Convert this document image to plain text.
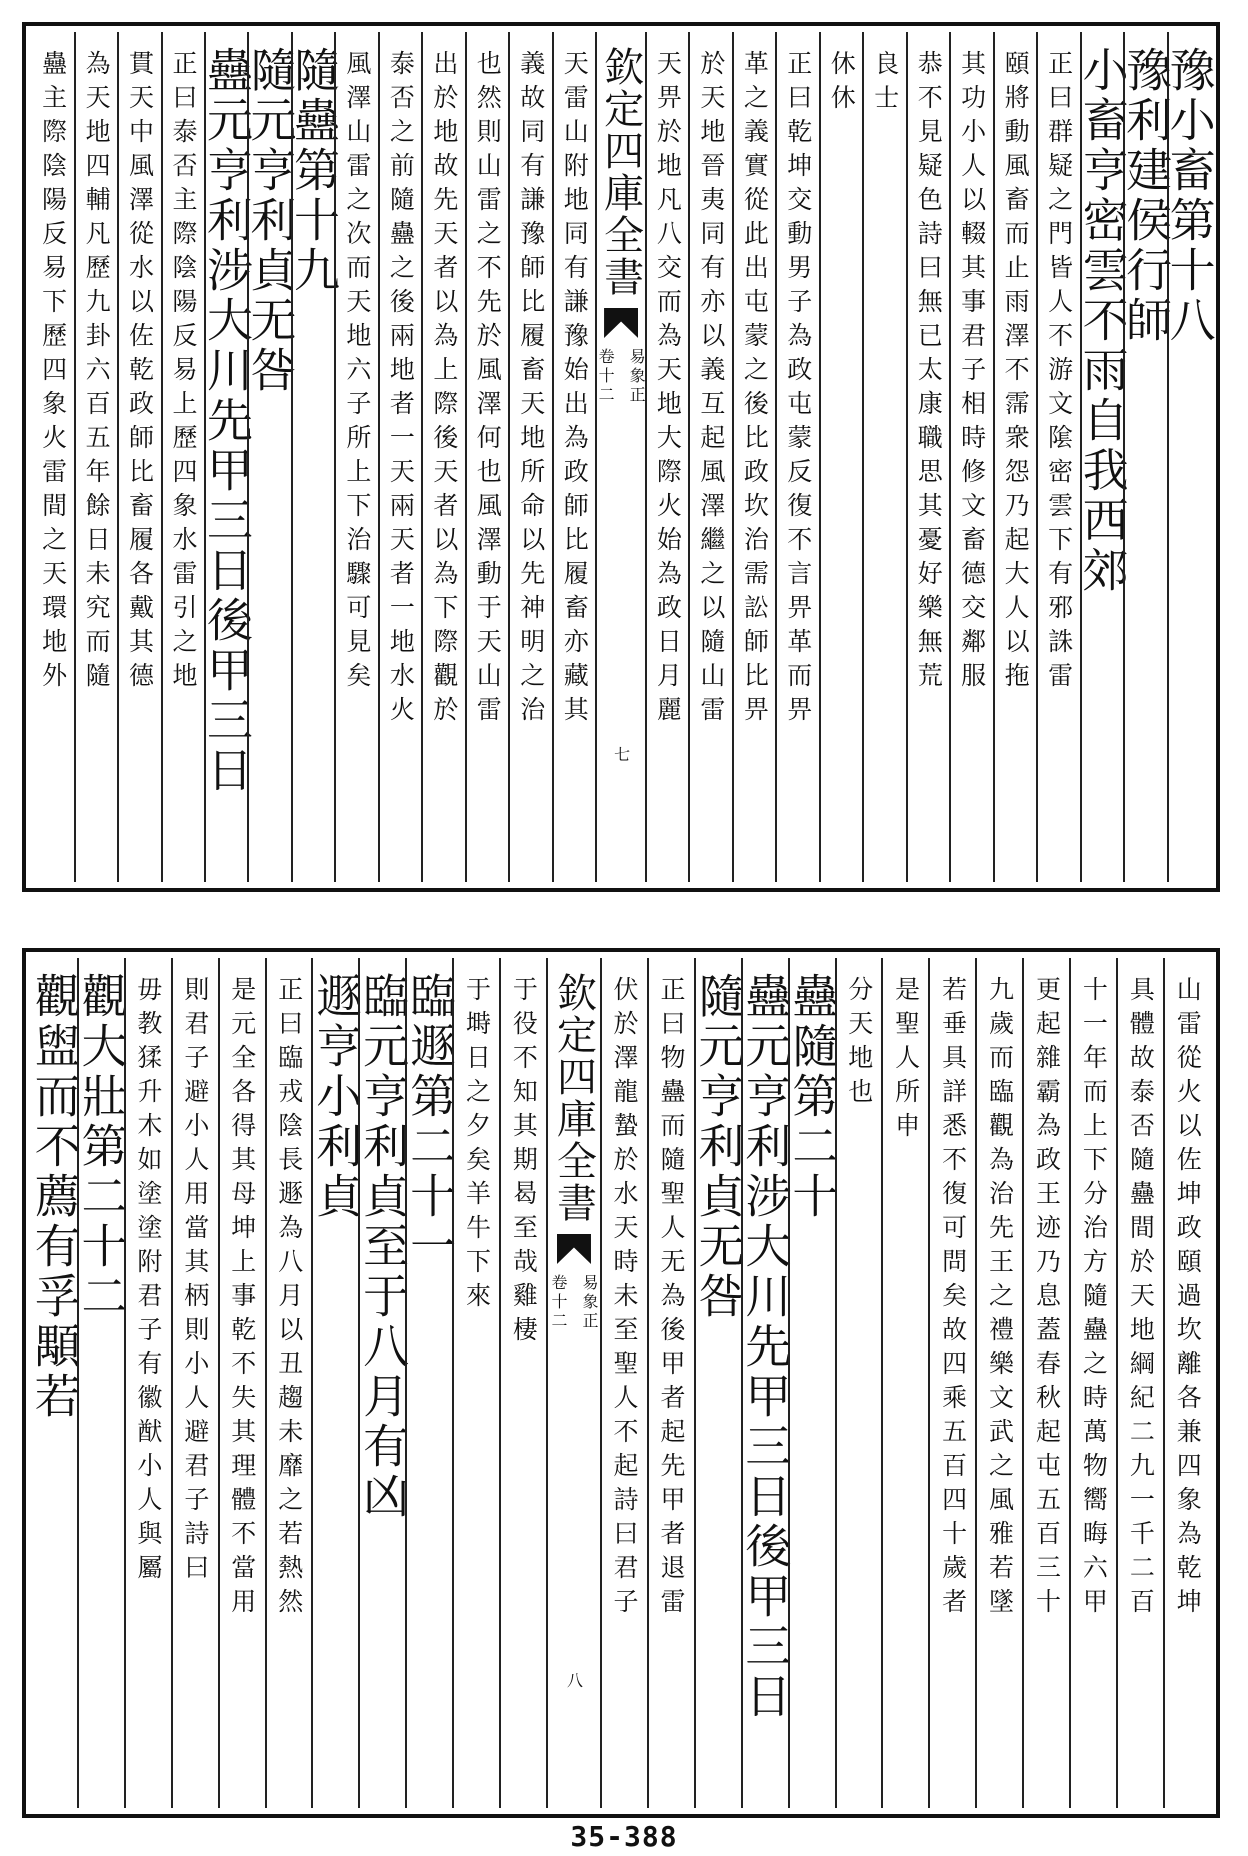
豫小畜第十八
豫利建侯行師
小畜亨密雲不雨自我西郊
正曰群疑之門皆人不游文隂密雲下有邪誅雷
頤將動風畜而止雨澤不霈衆怨乃起大人以拖
其功小人以輟其事君子相時修文畜德交鄰服
恭不見疑色詩曰無已太康職思其憂好樂無荒
良士
休休
正曰乾坤交動男子為政屯蒙反復不言畀革而畀
革之義實從此出屯蒙之後比政坎治需訟師比畀
於天地晉夷同有亦以義互起風澤繼之以隨山雷
天畀於地凡八交而為天地大際火始為政日月麗
欽定四庫全書
易象正
卷十二
七
天雷山附地同有謙豫始出為政師比履畜亦藏其
義故同有謙豫師比履畜天地所命以先神明之治
也然則山雷之不先於風澤何也風澤動于天山雷
出於地故先天者以為上際後天者以為下際觀於
泰否之前隨蠱之後兩地者一天兩天者一地水火
風澤山雷之次而天地六子所上下治驟可見矣
隨蠱第十九
隨元亨利貞无咎
蠱元亨利涉大川先甲三日後甲三日
正曰泰否主際陰陽反易上歷四象水雷引之地
貫天中風澤從水以佐乾政師比畜履各戴其德
為天地四輔凡歷九卦六百五年餘日未究而隨
蠱主際陰陽反易下歷四象火雷間之天環地外
山雷從火以佐坤政頤過坎離各兼四象為乾坤
具體故泰否隨蠱間於天地綱紀二九一千二百
十一年而上下分治方隨蠱之時萬物嚮晦六甲
更起雜霸為政王迹乃息蓋春秋起屯五百三十
九歲而臨觀為治先王之禮樂文武之風雅若墜
若垂具詳悉不復可問矣故四乘五百四十歲者
是聖人所申
分天地也
蠱隨第二十
蠱元亨利涉大川先甲三日後甲三日
隨元亨利貞无咎
正曰物蠱而隨聖人无為後甲者起先甲者退雷
伏於澤龍蟄於水天時未至聖人不起詩曰君子
欽定四庫全書
易象正
卷十二
八
于役不知其期曷至哉雞棲
于塒日之夕矣羊牛下來
臨遯第二十一
臨元亨利貞至于八月有凶
遯亨小利貞
正曰臨戎陰長遯為八月以丑趨未靡之若熱然
是元全各得其母坤上事乾不失其理體不當用
則君子避小人用當其柄則小人避君子詩曰
毋教猱升木如塗塗附君子有徽猷小人與屬
觀大壯第二十二
觀盥而不薦有孚顒若
35-388
